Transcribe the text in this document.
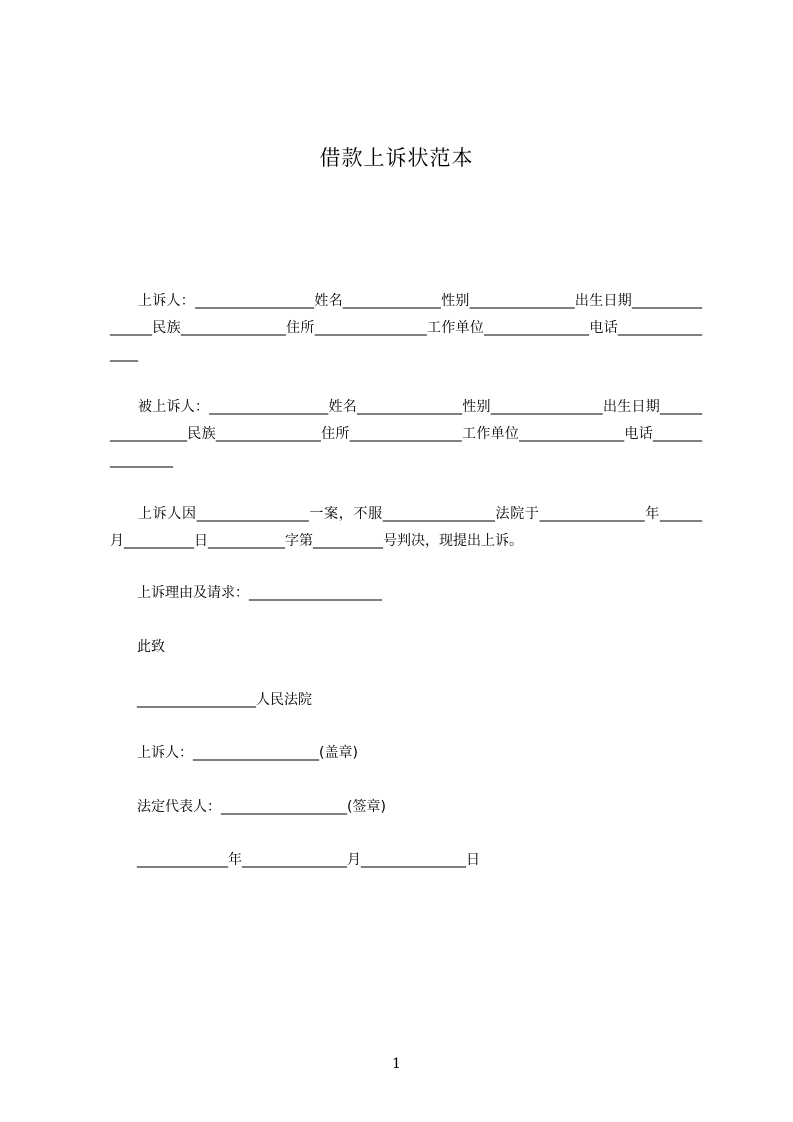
借款上诉状范本
上诉人：_________________姓名______________性别_______________出生日期________________民族_______________住所________________工作单位_______________电话________________
被上诉人：_________________姓名_______________性别________________出生日期_________________民族_______________住所________________工作单位_______________电话________________
上诉人因________________一案，不服________________法院于_______________年______月__________日___________字第__________号判决，现提出上诉。
上诉理由及请求：___________________
此致
_________________人民法院
上诉人：__________________(盖章)
法定代表人：__________________(签章)
_____________年_______________月_______________日
1
